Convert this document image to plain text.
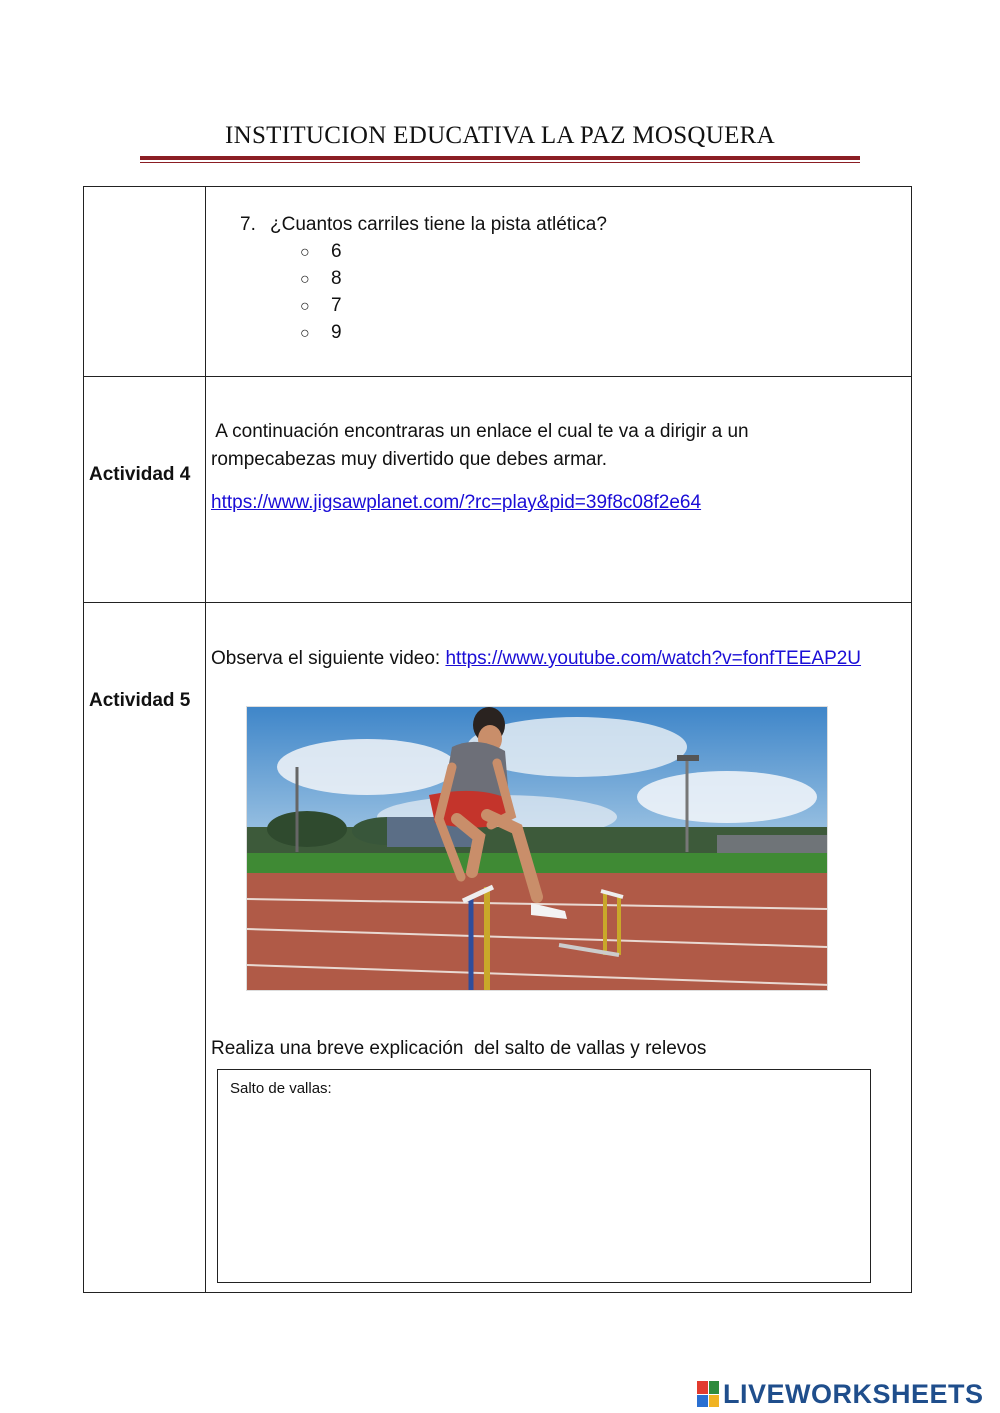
INSTITUCION EDUCATIVA LA PAZ MOSQUERA
7. ¿Cuantos carriles tiene la pista atlética?
○ 6
○ 8
○ 7
○ 9
Actividad 4
A continuación encontraras un enlace el cual te va a dirigir a un
rompecabezas muy divertido que debes armar.
https://www.jigsawplanet.com/?rc=play&pid=39f8c08f2e64
Actividad 5
Observa el siguiente video: https://www.youtube.com/watch?v=fonfTEEAP2U
Realiza una breve explicación  del salto de vallas y relevos
Salto de vallas:
LIVEWORKSHEETS
